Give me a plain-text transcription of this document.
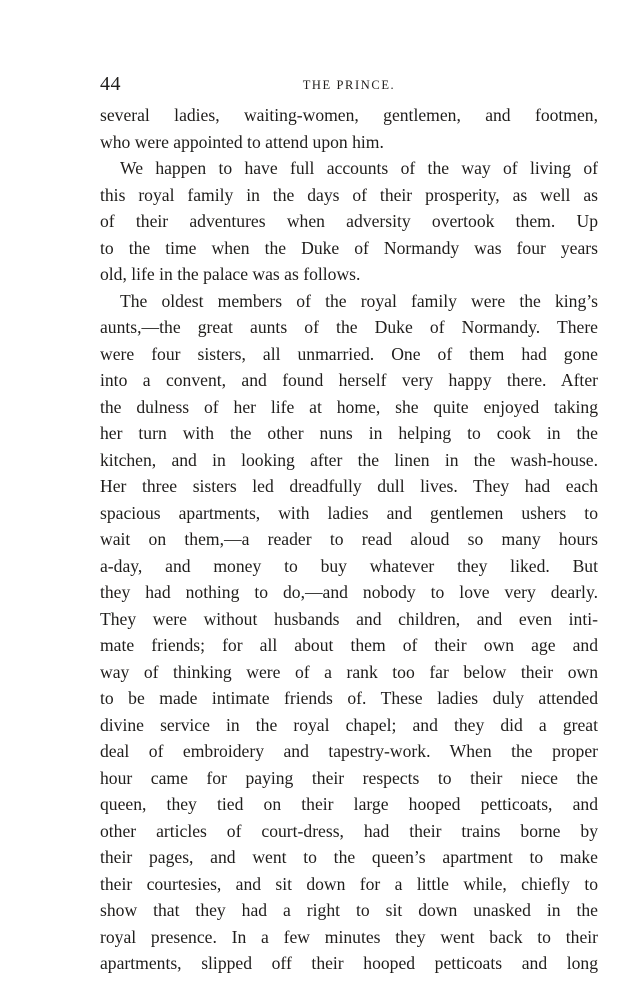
44	THE PRINCE.
several ladies, waiting-women, gentlemen, and footmen,
who were appointed to attend upon him.
We happen to have full accounts of the way of living of
this royal family in the days of their prosperity, as well as
of their adventures when adversity overtook them. Up
to the time when the Duke of Normandy was four years
old, life in the palace was as follows.
The oldest members of the royal family were the king’s
aunts,—the great aunts of the Duke of Normandy. There
were four sisters, all unmarried. One of them had gone
into a convent, and found herself very happy there. After
the dulness of her life at home, she quite enjoyed taking
her turn with the other nuns in helping to cook in the
kitchen, and in looking after the linen in the wash-house.
Her three sisters led dreadfully dull lives. They had each
spacious apartments, with ladies and gentlemen ushers to
wait on them,—a reader to read aloud so many hours
a-day, and money to buy whatever they liked. But
they had nothing to do,—and nobody to love very dearly.
They were without husbands and children, and even inti-
mate friends; for all about them of their own age and
way of thinking were of a rank too far below their own
to be made intimate friends of. These ladies duly attended
divine service in the royal chapel; and they did a great
deal of embroidery and tapestry-work. When the proper
hour came for paying their respects to their niece the
queen, they tied on their large hooped petticoats, and
other articles of court-dress, had their trains borne by
their pages, and went to the queen’s apartment to make
their courtesies, and sit down for a little while, chiefly to
show that they had a right to sit down unasked in the
royal presence. In a few minutes they went back to their
apartments, slipped off their hooped petticoats and long
